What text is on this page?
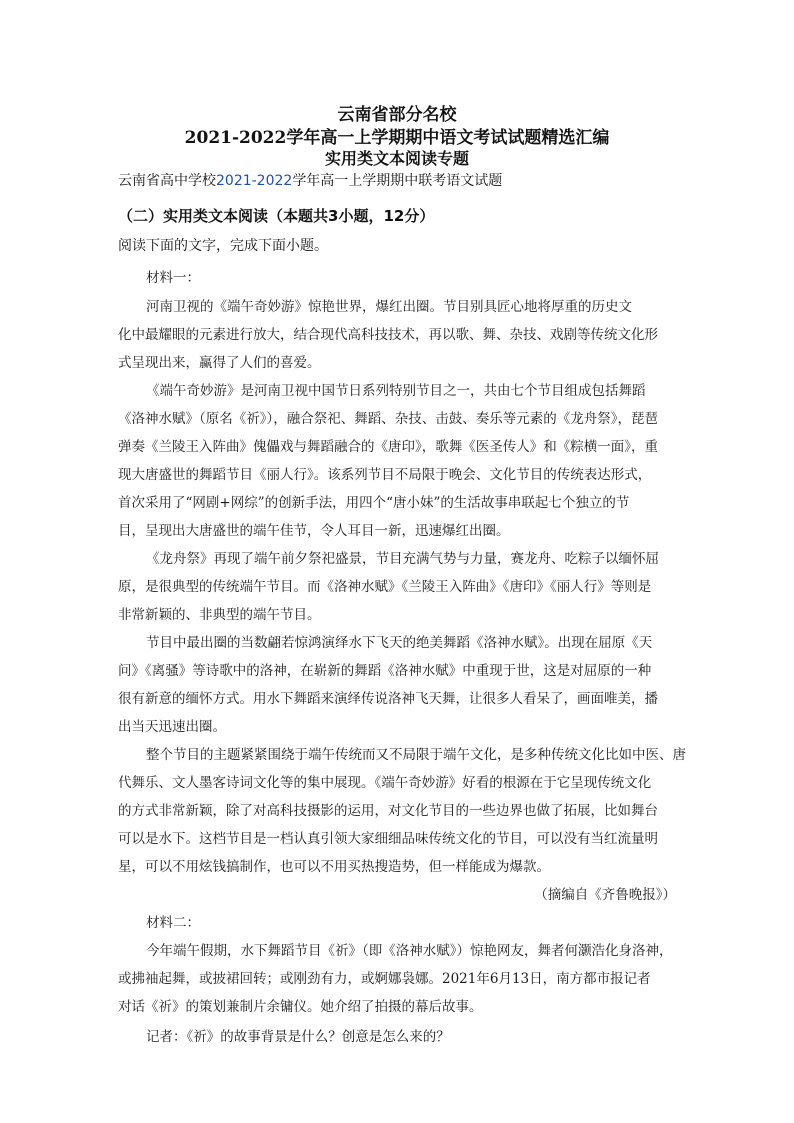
云南省部分名校
2021-2022学年高一上学期期中语文考试试题精选汇编
实用类文本阅读专题
云南省高中学校2021-2022学年高一上学期期中联考语文试题
（二）实用类文本阅读（本题共3小题，12分）
阅读下面的文字，完成下面小题。
材料一：
河南卫视的《端午奇妙游》惊艳世界，爆红出圈。节目别具匠心地将厚重的历史文
化中最耀眼的元素进行放大，结合现代高科技技术，再以歌、舞、杂技、戏剧等传统文化形
式呈现出来，赢得了人们的喜爱。
《端午奇妙游》是河南卫视中国节日系列特别节目之一，共由七个节目组成包括舞蹈
《洛神水赋》（原名《祈》），融合祭祀、舞蹈、杂技、击鼓、奏乐等元素的《龙舟祭》，琵琶
弹奏《兰陵王入阵曲》傀儡戏与舞蹈融合的《唐印》，歌舞《医圣传人》和《粽横一面》，重
现大唐盛世的舞蹈节目《丽人行》。该系列节目不局限于晚会、文化节目的传统表达形式，
首次采用了“网剧+网综”的创新手法，用四个“唐小妹”的生活故事串联起七个独立的节
目，呈现出大唐盛世的端午佳节，令人耳目一新，迅速爆红出圈。
《龙舟祭》再现了端午前夕祭祀盛景，节目充满气势与力量，赛龙舟、吃粽子以缅怀屈
原，是很典型的传统端午节目。而《洛神水赋》《兰陵王入阵曲》《唐印》《丽人行》等则是
非常新颖的、非典型的端午节目。
节目中最出圈的当数翩若惊鸿演绎水下飞天的绝美舞蹈《洛神水赋》。出现在屈原《天
问》《离骚》等诗歌中的洛神，在崭新的舞蹈《洛神水赋》中重现于世，这是对屈原的一种
很有新意的缅怀方式。用水下舞蹈来演绎传说洛神飞天舞，让很多人看呆了，画面唯美，播
出当天迅速出圈。
整个节目的主题紧紧围绕于端午传统而又不局限于端午文化，是多种传统文化比如中医、唐
代舞乐、文人墨客诗词文化等的集中展现。《端午奇妙游》好看的根源在于它呈现传统文化
的方式非常新颖，除了对高科技摄影的运用，对文化节目的一些边界也做了拓展，比如舞台
可以是水下。这档节目是一档认真引领大家细细品味传统文化的节目，可以没有当红流量明
星，可以不用炫钱搞制作，也可以不用买热搜造势，但一样能成为爆款。
（摘编自《齐鲁晚报》）
材料二：
今年端午假期，水下舞蹈节目《祈》（即《洛神水赋》）惊艳网友，舞者何灏浩化身洛神，
或拂袖起舞，或披裙回转；或刚劲有力，或婀娜袅娜。2021年6月13日，南方都市报记者
对话《祈》的策划兼制片余镛仪。她介绍了拍摄的幕后故事。
记者：《祈》的故事背景是什么？创意是怎么来的？
